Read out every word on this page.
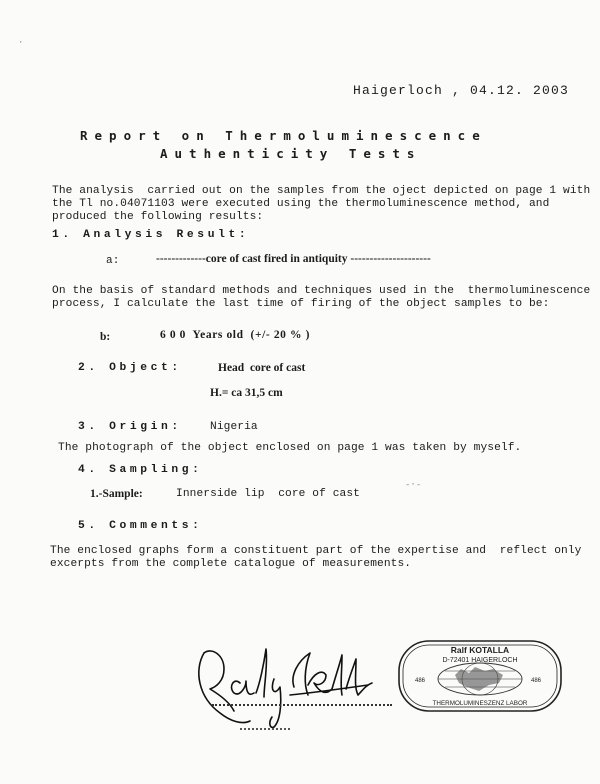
·
Haigerloch , 04.12. 2003
Report on Thermoluminescence
Authenticity Tests
The analysis  carried out on the samples from the oject depicted on page 1 with
the Tl no.04071103 were executed using the thermoluminescence method, and
produced the following results:
1. Analysis Result:
a:	-------------core of cast fired in antiquity ---------------------
On the basis of standard methods and techniques used in the  thermoluminescence
process, I calculate the last time of firing of the object samples to be:
b:	6 0 0  Years old  (+/- 20 % )
2. Object:	Head  core of cast
H.= ca 31,5 cm
3. Origin:	Nigeria
The photograph of the object enclosed on page 1 was taken by myself.
4. Sampling:
1.-Sample:	Innerside lip  core of cast
-·-
5. Comments:
The enclosed graphs form a constituent part of the expertise and  reflect only
excerpts from the complete catalogue of measurements.
Ralf KOTALLA
D-72401 HAIGERLOCH
486	486
THERMOLUMINESZENZ LABOR
